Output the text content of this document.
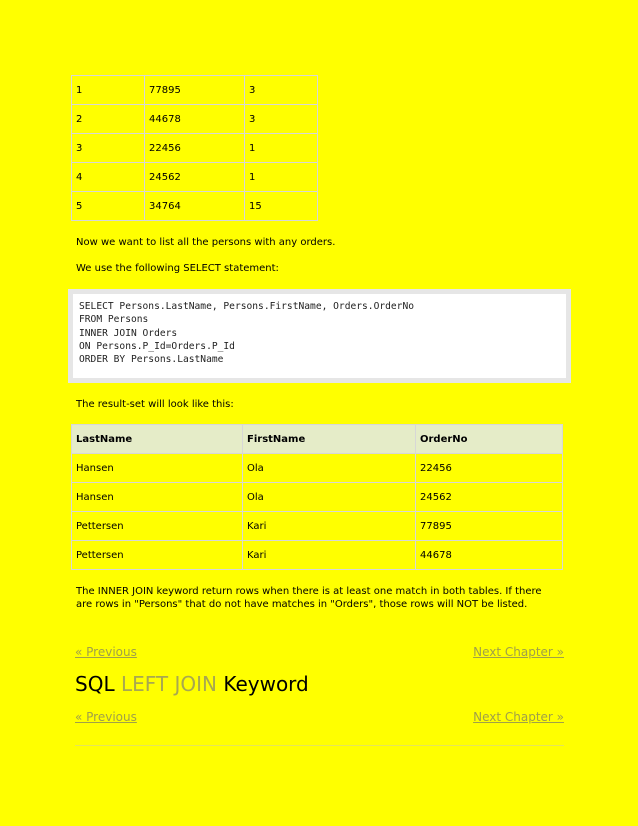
1	77895	3
2	44678	3
3	22456	1
4	24562	1
5	34764	15

Now we want to list all the persons with any orders.

We use the following SELECT statement:

SELECT Persons.LastName, Persons.FirstName, Orders.OrderNo
FROM Persons
INNER JOIN Orders
ON Persons.P_Id=Orders.P_Id
ORDER BY Persons.LastName

The result-set will look like this:

LastName	FirstName	OrderNo
Hansen	Ola	22456
Hansen	Ola	24562
Pettersen	Kari	77895
Pettersen	Kari	44678

The INNER JOIN keyword return rows when there is at least one match in both tables. If there are rows in "Persons" that do not have matches in "Orders", those rows will NOT be listed.

« Previous	Next Chapter »
SQL LEFT JOIN Keyword
« Previous	Next Chapter »
